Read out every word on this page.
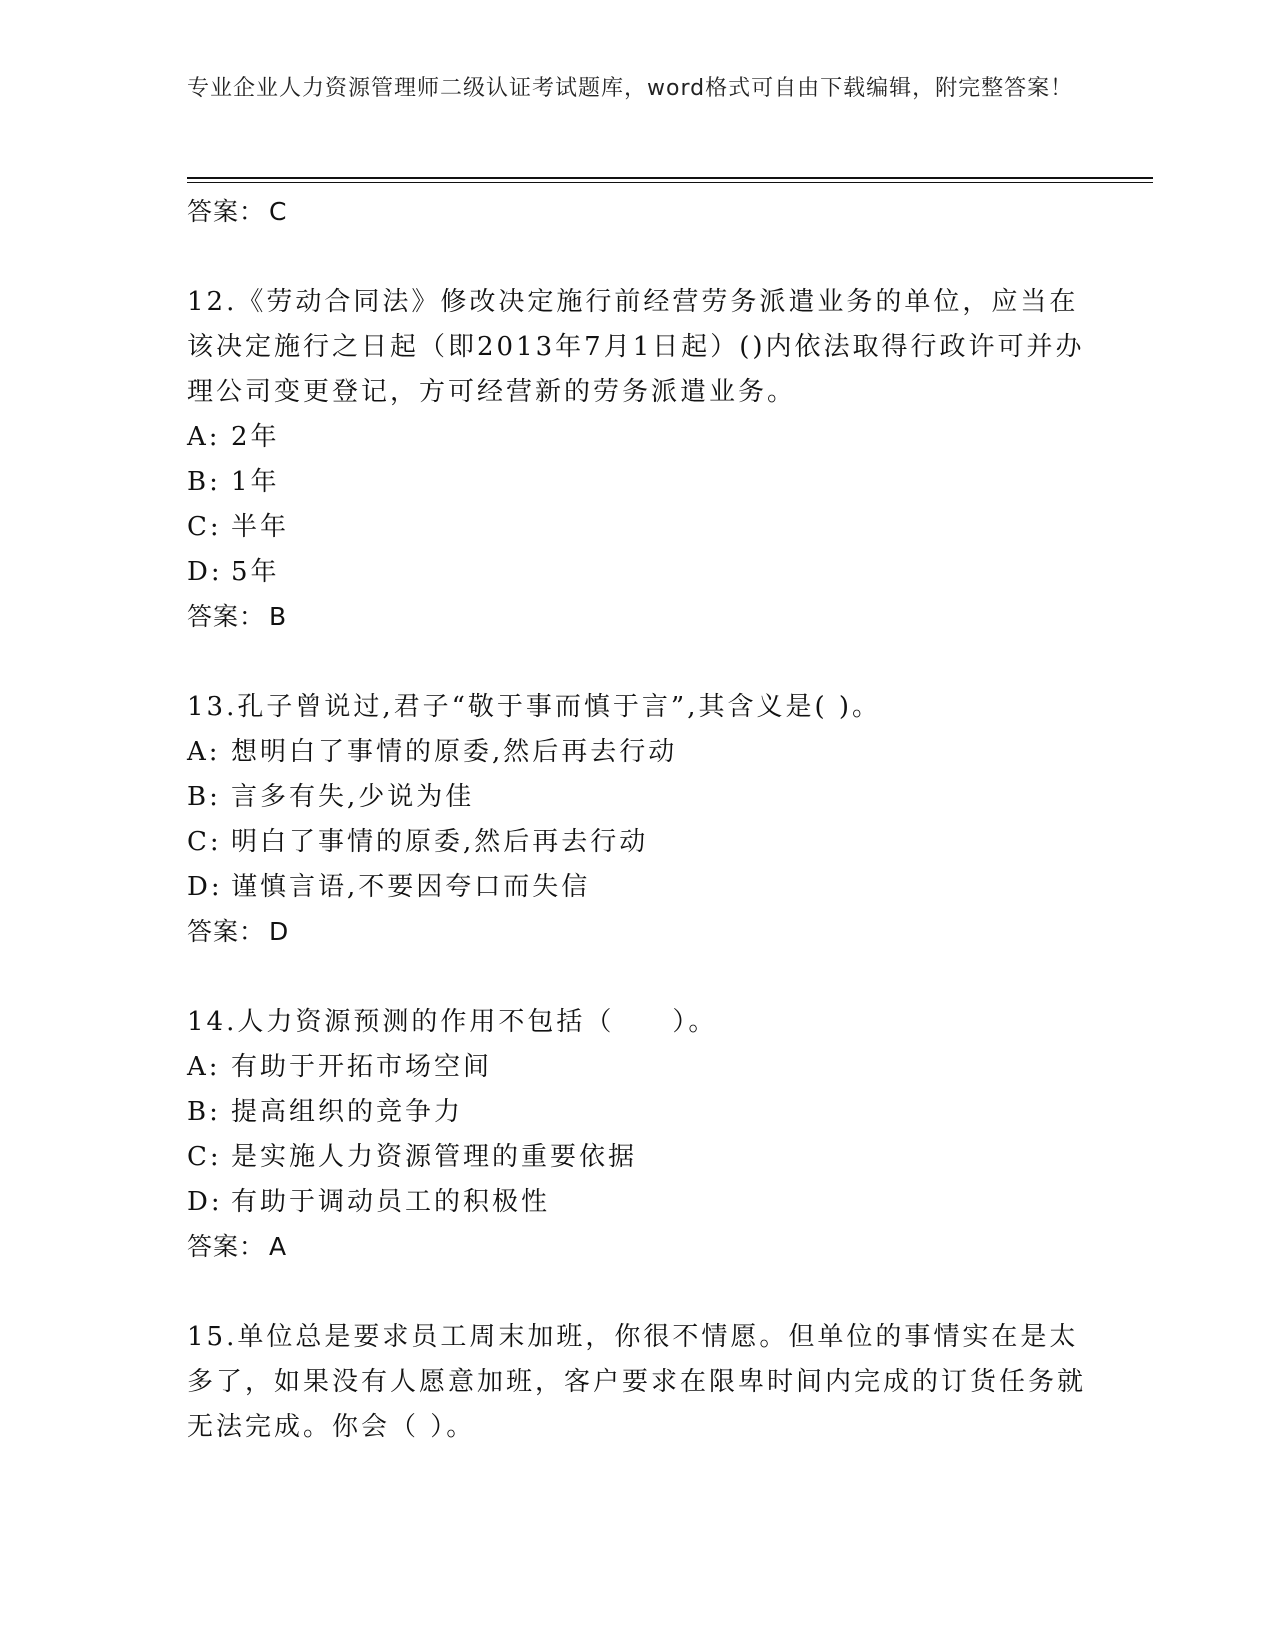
专业企业人力资源管理师二级认证考试题库，word格式可自由下载编辑，附完整答案！
答案： C
12.《劳动合同法》修改决定施行前经营劳务派遣业务的单位，应当在该决定施行之日起（即2013年7月1日起）()内依法取得行政许可并办理公司变更登记，方可经营新的劳务派遣业务。
A: 2年
B: 1年
C: 半年
D: 5年
答案： B
13.孔子曾说过,君子“敬于事而慎于言”,其含义是( )。
A: 想明白了事情的原委,然后再去行动
B: 言多有失,少说为佳
C: 明白了事情的原委,然后再去行动
D: 谨慎言语,不要因夸口而失信
答案： D
14.人力资源预测的作用不包括（　　）。
A: 有助于开拓市场空间
B: 提高组织的竞争力
C: 是实施人力资源管理的重要依据
D: 有助于调动员工的积极性
答案： A
15.单位总是要求员工周末加班，你很不情愿。但单位的事情实在是太多了，如果没有人愿意加班，客户要求在限卑时间内完成的订货任务就无法完成。你会（ ）。
